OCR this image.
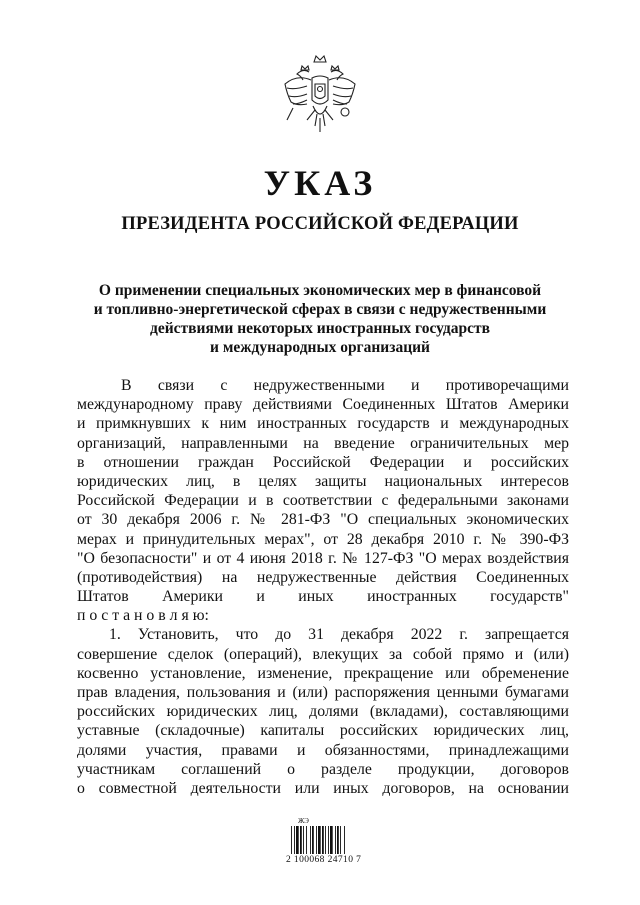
УКАЗ
ПРЕЗИДЕНТА РОССИЙСКОЙ ФЕДЕРАЦИИ
О применении специальных экономических мер в финансовой
и топливно-энергетической сферах в связи с недружественными
действиями некоторых иностранных государств
и международных организаций
В связи с недружественными и противоречащими
международному праву действиями Соединенных Штатов Америки
и примкнувших к ним иностранных государств и международных
организаций, направленными на введение ограничительных мер
в отношении граждан Российской Федерации и российских
юридических лиц, в целях защиты национальных интересов
Российской Федерации и в соответствии с федеральными законами
от 30 декабря 2006 г. № 281-ФЗ "О специальных экономических
мерах и принудительных мерах", от 28 декабря 2010 г. № 390-ФЗ
"О безопасности" и от 4 июня 2018 г. № 127-ФЗ "О мерах воздействия
(противодействия) на недружественные действия Соединенных
Штатов Америки и иных иностранных государств"
п о с т а н о в л я ю:
1. Установить, что до 31 декабря 2022 г. запрещается
совершение сделок (операций), влекущих за собой прямо и (или)
косвенно установление, изменение, прекращение или обременение
прав владения, пользования и (или) распоряжения ценными бумагами
российских юридических лиц, долями (вкладами), составляющими
уставные (складочные) капиталы российских юридических лиц,
долями участия, правами и обязанностями, принадлежащими
участникам соглашений о разделе продукции, договоров
о совместной деятельности или иных договоров, на основании
ЖЭ
2 100068 24710 7
